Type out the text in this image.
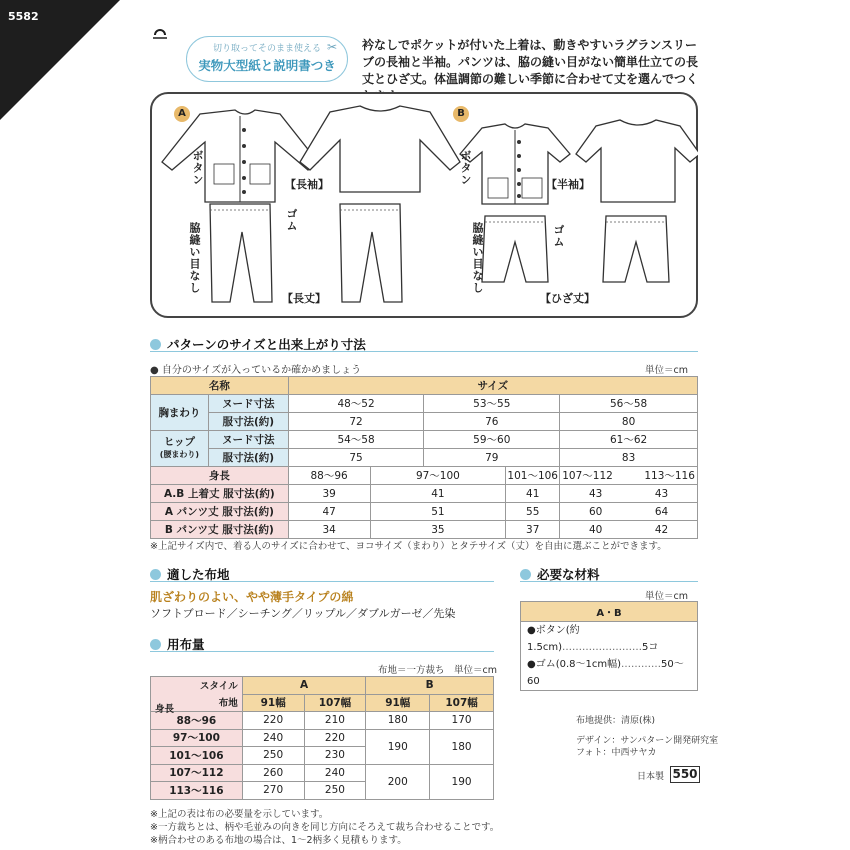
5582
切り取ってそのまま使える
実物大型紙と説明書つき
✂ 衿なしでポケットが付いた上着は、動きやすいラグランスリーブの長袖と半袖。パンツは、脇の縫い目がない簡単仕立ての長丈とひざ丈。体温調節の難しい季節に合わせて丈を選んでつく
A	B
ボタン	【長袖】
ゴム
脇縫い目なし
【長丈】
ボタン	【半袖】
ゴム
脇縫い目なし
【ひざ丈】
パターンのサイズと出来上がり寸法
● 自分のサイズが入っているか確かめましょう	単位＝cm
名称		サイズ				
胸まわり	ヌード寸法	48〜52		53〜55		56〜58
	服寸法(約)	72		76		80
ヒップ
(腰まわり)	ヌード寸法	54〜58		59〜60		61〜62
	服寸法(約)	75		79		83
身長		88〜96	97〜100		101〜106	107〜112　　　 113〜116
A.B 上着丈 服寸法(約)		39	41		41	43　　　　　 43
A パンツ丈 服寸法(約)		47	51		55	60　　　　　 64
B パンツ丈 服寸法(約)		34	35		37	40　　　　　 42
※上記サイズ内で、着る人のサイズに合わせて、ヨコサイズ（まわり）とタテサイズ（丈）を自由に選ぶことができます。
適した布地
肌ざわりのよい、やや薄手タイプの綿
ソフトブロード／シーチング／リップル／ダブルガーゼ／先染
用布量
布地＝一方裁ち　単位＝cm
スタイル
布地
身長	A		B	
	91幅	107幅	91幅	107幅
88〜96	220	210	180	170
97〜100	240	220	190	180
101〜106	250	230		
107〜112	260	240	200	190
113〜116	270	250		
※上記の表は布の必要量を示しています。
※一方裁ちとは、柄や毛並みの向きを同じ方向にそろえて裁ち合わせることです。
※柄合わせのある布地の場合は、1〜2柄多く見積もります。
必要な材料
単位＝cm
A・B

●ボタン(約1.5cm)……………………5コ
●ゴム(0.8〜1cm幅)…………50〜60
布地提供：清原(株)
デザイン：サンパターン開発研究室
フォト：中西サヤカ
日本製 550
